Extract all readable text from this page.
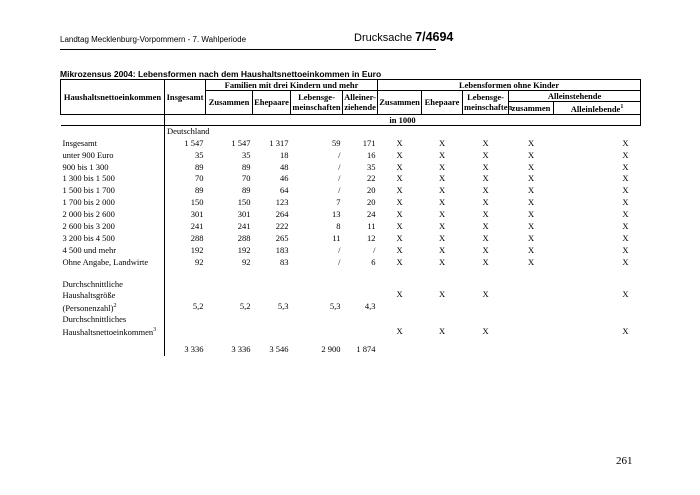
Landtag Mecklenburg-Vorpommern - 7. Wahlperiode	Drucksache 7/4694
Mikrozensus 2004: Lebensformen nach dem Haushaltsnettoeinkommen in Euro
Haushaltsnettoeinkommen	Insgesamt	Familien mit drei Kindern und mehr				Lebensformen ohne Kinder				
		Zusammen	Ehepaare	Lebensge-meinschaften	Alleiner-ziehende	Zusammen	Ehepaare	Lebensge-meinschaften	Alleinstehende	
									zusammen	Alleinlebende$^1$
	in 1000									
	Deutschland									
Insgesamt	1 547	1 547	1 317	59	171	X	X	X	X	X
unter 900 Euro	35	35	18	/	16	X	X	X	X	X
900 bis 1 300	89	89	48	/	35	X	X	X	X	X
1 300 bis 1 500	70	70	46	/	22	X	X	X	X	X
1 500 bis 1 700	89	89	64	/	20	X	X	X	X	X
1 700 bis 2 000	150	150	123	7	20	X	X	X	X	X
2 000 bis 2 600	301	301	264	13	24	X	X	X	X	X
2 600 bis 3 200	241	241	222	8	11	X	X	X	X	X
3 200 bis 4 500	288	288	265	11	12	X	X	X	X	X
4 500 und mehr	192	192	183	/	/	X	X	X	X	X
Ohne Angabe, Landwirte	92	92	83	/	6	X	X	X	X	X

Durchschnittliche Haushaltsgröße (Personenzahl)$^2$						X	X	X		X
	5,2	5,2	5,3	5,3	4,3					
Durchschnittliches Haushaltsnettoeinkommen$^3$						X	X	X		X
	3 336	3 336	3 546	2 900	1 874					
261
